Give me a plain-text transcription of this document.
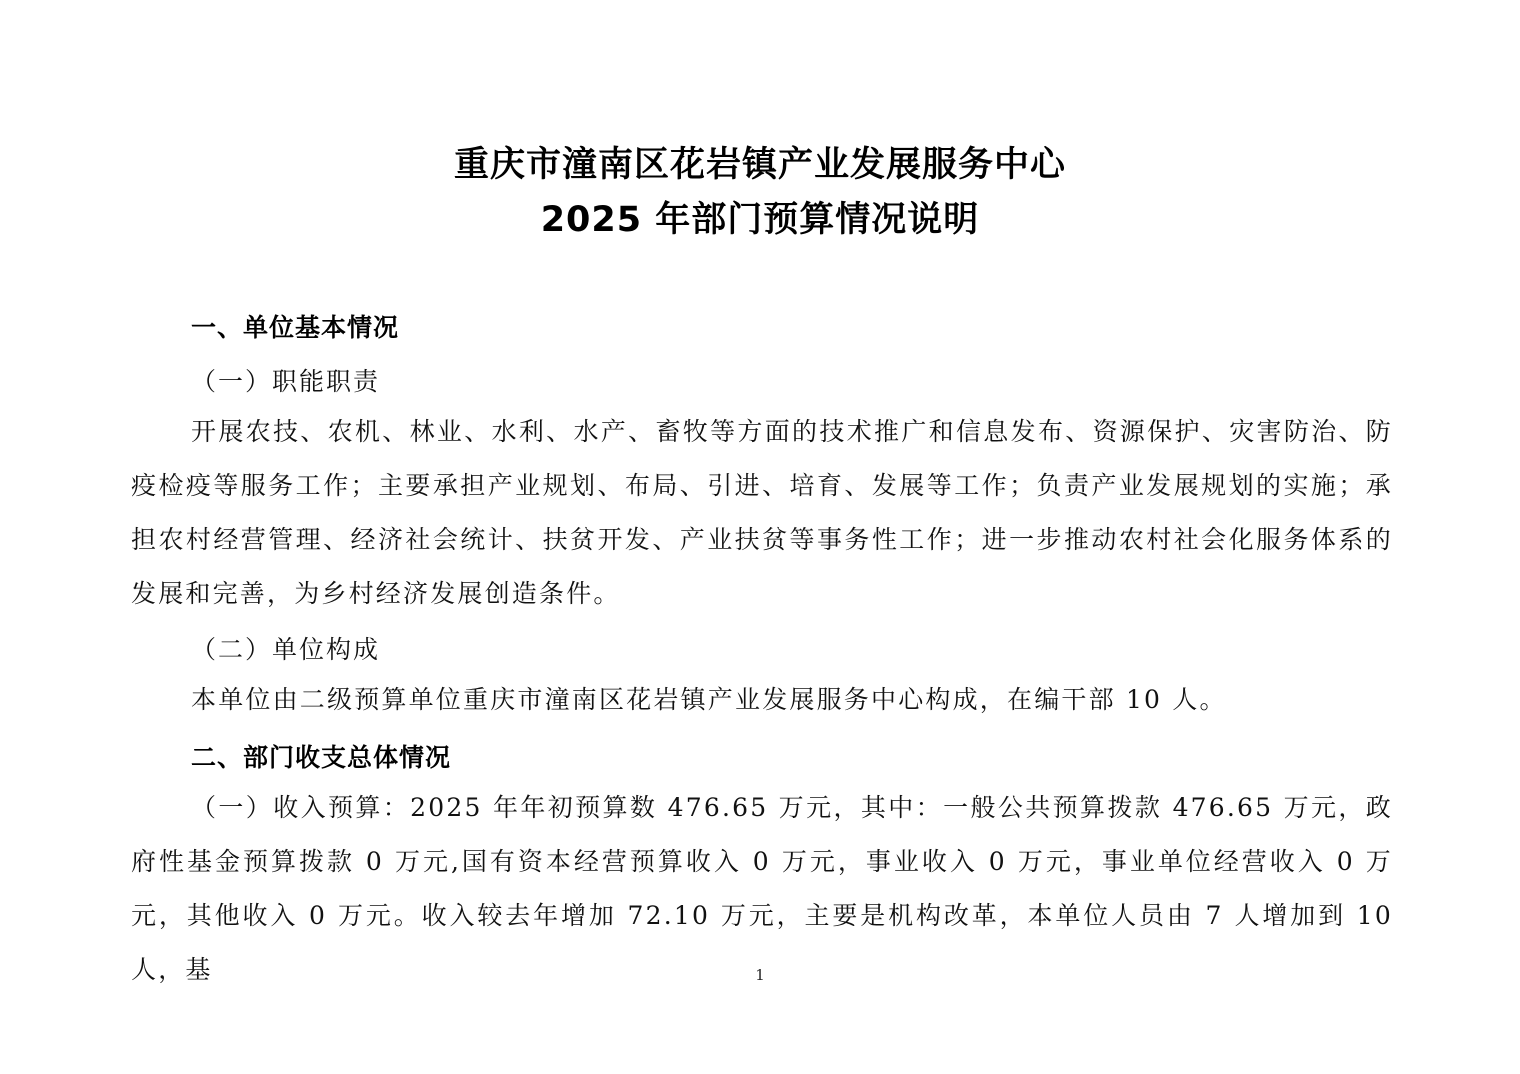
重庆市潼南区花岩镇产业发展服务中心
2025 年部门预算情况说明
一、单位基本情况
（一）职能职责
开展农技、农机、林业、水利、水产、畜牧等方面的技术推广和信息发布、资源保护、灾害防治、防疫检疫等服务工作；主要承担产业规划、布局、引进、培育、发展等工作；负责产业发展规划的实施；承担农村经营管理、经济社会统计、扶贫开发、产业扶贫等事务性工作；进一步推动农村社会化服务体系的发展和完善，为乡村经济发展创造条件。
（二）单位构成
本单位由二级预算单位重庆市潼南区花岩镇产业发展服务中心构成，在编干部 10 人。
二、部门收支总体情况
（一）收入预算：2025 年年初预算数 476.65 万元，其中：一般公共预算拨款 476.65 万元，政府性基金预算拨款 0 万元,国有资本经营预算收入 0 万元，事业收入 0 万元，事业单位经营收入 0 万元，其他收入 0 万元。收入较去年增加 72.10 万元，主要是机构改革，本单位人员由 7 人增加到 10 人，基	1
